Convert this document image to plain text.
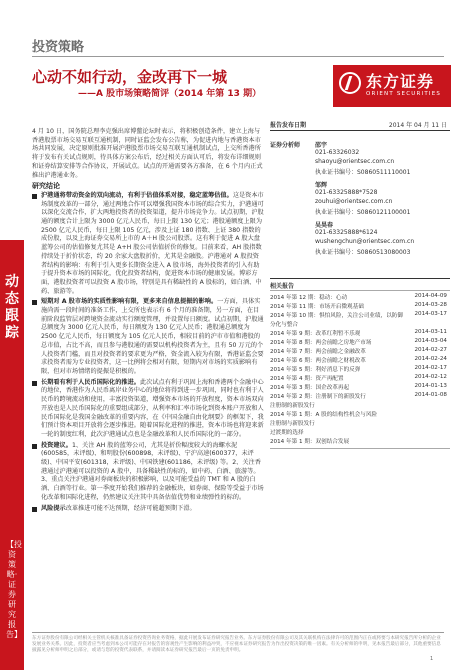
投资策略
心动不如行动，金改再下一城
——A 股市场策略简评（2014 年第 13 期）
东方证券
ORIENT SECURITIES
动态跟踪
【投资策略·证券研究报告】

4 月 10 日，国务院总理李克强出席博鳌论坛时表示，将积极创造条件，建立上海与香港股票市场交易互联互通机制，同时证监会发布公告称，为促进内地与香港资本市场共同发展，决定原则批准开展沪港股票市场交易互联互通机制试点，上交所香港所将于发布有关试点规则，待具体方案公布后，经过相关方面认可后，将发布详细规则和证券结算安排等合作协议，开展试点。试点的开通需要各方准备，在 6 个月内正式推出沪港通业务。

研究结论
沪港通将带动资金的双向流动，有利于估值体系对接，稳定蓝筹估值。这是资本市场制度改革的一部分，通过两地合作可以增强我国资本市场的综合实力，沪港通可以深化交流合作，扩大两地投资者的投资渠道，提升市场竞争力。试点初期，沪股通的额度合计上限为 3000 亿元人民币，每日上限 130 亿元；港股通额度上限为 2500 亿元人民币，每日上限 105 亿元，涉及上证 180 指数、上证 380 指数的成份股，以及上海证券交易所上市的 A＋H 股公司股票。这有利于促进 A 股大盘蓝筹公司的估值修复尤其是 A+H 股公司估值折价的修复。目前来看，AH 股指数持续处于折价状态，约 20 余家大盘股折价，尤其是金融股。沪港通对 A 股投资者结构的影响：有利于引入更多长期资金进入 A 股市场，海外投资者的引入有助于提升资本市场的国际化，优化投资者结构，促进资本市场的健康发展。博彩方面，港股投资者可以投资 A 股市场，特别是具有稀缺性的 A 股标的，如白酒、中药、旅游等。
短期对 A 股市场的实质性影响有限，更多来自信息提振的影响。一方面，具体实施尚需一段时间的准备工作，上交所也表示有 6 个月的准备期，另一方面，在目前阶段监管层对跨境资金流动实行额度管理，并设置每日额度。试点初期，沪股通总额度为 3000 亿元人民币，每日额度为 130 亿元人民币；港股通总额度为 2500 亿元人民币，每日额度为 105 亿元人民币，相较目前的沪市市值和港股的总市值，占比不高，而且参与港股通的需要以机构投资者为主，且有 50 万元的个人投资者门槛，而且对投资者的要求更为严格，资金流入较为有限，香港证监会要求投资者需为专业投资者，这一比例将会相对有限，短期内对市场的实质影响有限，但对市场情绪的提振是积极的。
长期看有利于人民币国际化的推进。此次试点有利于巩固上海和香港两个金融中心的地位，香港作为人民币离岸业务中心的地位将得到进一步巩固，同时也有利于人民币的跨境流动和使用，丰富投资渠道，增强资本市场的开放程度，资本市场双向开放也是人民币国际化的重要组成部分，从利率和汇率市场化到资本账户开放和人民币国际化是我国金融改革的重要内容，在《中国金融自由化纲要》的框架下，我们预计资本项目开放将会逐步推进。随着国际化进程的推进，资本市场也将迎来新一轮的制度红利，此次沪港通试点也是金融改革和人民币国际化的一部分。
投资建议。1、关注 AH 股的蓝筹公司，尤其是折价幅度较大的海螺水泥(600585，未评级)、和明股份(600898，未评级)、宁沪高速(600377，未评级)、中国平安(601318，未评级)、中国铁建(601186，未评级) 等。2、关注香港通过沪港通可以投资的 A 股中，具备稀缺性的标的，如中药、白酒、旅游等。3、重点关注沪港通对券商板块的积极影响，以及可能受益的 TMT 和 A 股的白酒、白酒等行业。第一季度开始我们推荐的金融板块，如券商、保险等受益于市场化改革和国际化进程，仍然建议关注其中具备估值优势和业绩弹性的标的。
风险提示改革推进可能不达预期，经济可能超预期下滑。
报告发布日期	2014 年 04 月 11 日
证券分析师 邵宇
021-63326032
shaoyu@orientsec.com.cn
执业证书编号：S0860511110001
邹辉
021-63325888*7528
zouhui@orientsec.com.cn
执业证书编号：S0860121100001
吴昊春
021-63325888*6124
wushengchun@orientsec.com.cn
执业证书编号：S0860513080003
相关报告
2014 年第 12 期：稳动：心动	2014-04-09
2014 年第 11 期：市场开启微观基础	2014-03-28
2014 年第 10 期：惧怕风险，关注公司业绩，以防御 2014-03-17
分化与整合
2014 年第 9 期：改革红利暂不乐观	2014-03-11
2014 年第 8 期：两会前瞻之房地产市场	2014-03-04
2014 年第 7 期：两会前瞻之金融改革	2014-02-27
2014 年第 6 期：两会前瞻之财税改革	2014-02-24
2014 年第 5 期：利好消息下的反弹	2014-02-17
2014 年第 4 期：资产再配置	2014-02-12
2014 年第 3 期：国企改革再起	2014-01-13
2014 年第 2 期：注册制下的新股发行	2014-01-08
注册制的新股发行
2014 年第 1 期：A 股的结构性机会与风险
注册制与新股发行
过渡期的选择
2014 年第 1 期：双创结合发展
东方证券股份有限公司经相关主管机关核准具备证券投资咨询业务资格，据此开展发布证券研究报告业务。东方证券股份有限公司及其关联机构在法律许可的范围内正在或将要与本研究报告所分析的企业发展业务关系。因此，投资者应当考虑到本公司可能存在对报告的客观性产生影响的利益冲突，不应视本证券研究报告为作出投资决策的唯一因素。有关分析师的申明，见本报告最后部分，其他重要信息披露见分析师申明之后部分，或请与您的投资代表联系，并请阅读本证券研究报告最后一页的免责申明。
1
